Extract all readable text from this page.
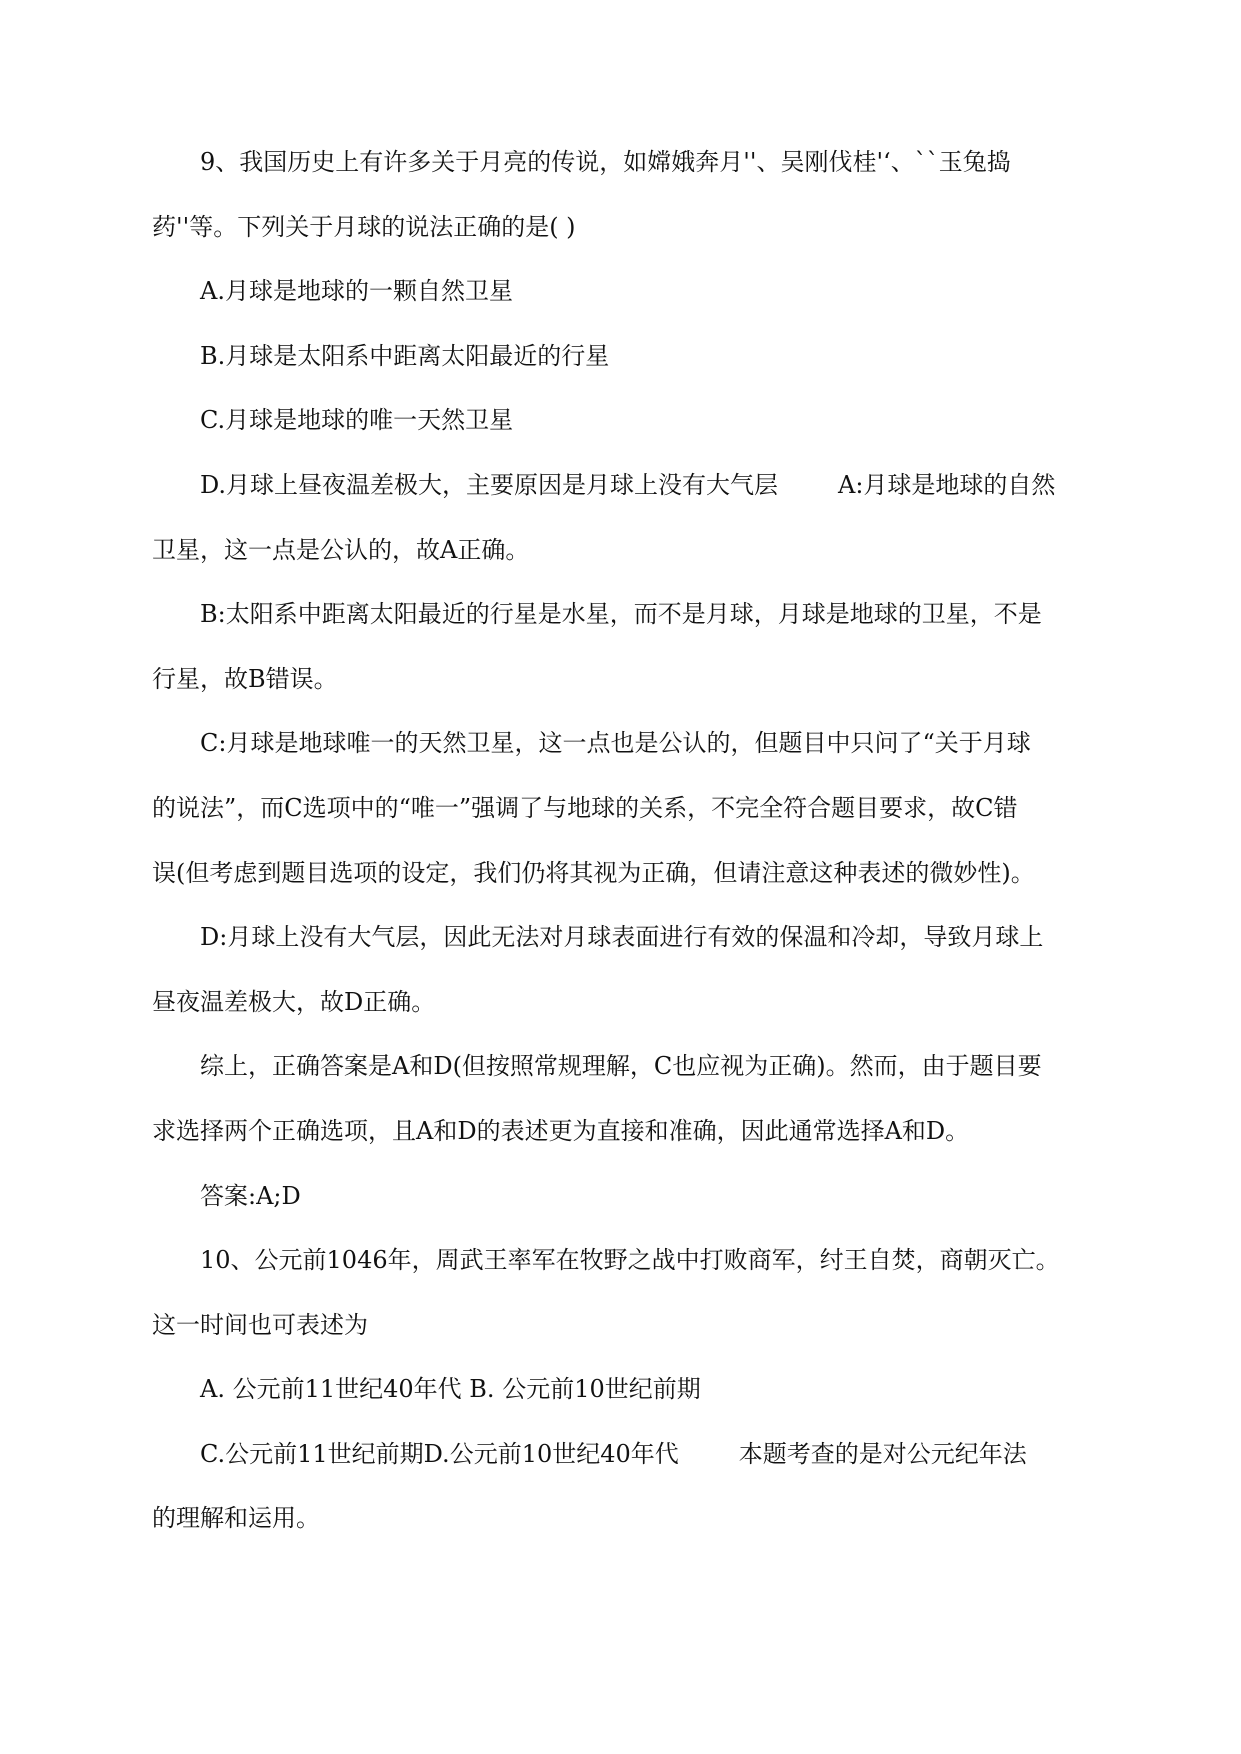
9、我国历史上有许多关于月亮的传说，如嫦娥奔月''、吴刚伐桂'‘、``玉兔捣
药''等。下列关于月球的说法正确的是( )
A.月球是地球的一颗自然卫星
B.月球是太阳系中距离太阳最近的行星
C.月球是地球的唯一天然卫星
D.月球上昼夜温差极大，主要原因是月球上没有大气层	A:月球是地球的自然
卫星，这一点是公认的，故A正确。
B:太阳系中距离太阳最近的行星是水星，而不是月球，月球是地球的卫星，不是
行星，故B错误。
C:月球是地球唯一的天然卫星，这一点也是公认的，但题目中只问了“关于月球
的说法”，而C选项中的“唯一”强调了与地球的关系，不完全符合题目要求，故C错
误(但考虑到题目选项的设定，我们仍将其视为正确，但请注意这种表述的微妙性)。
D:月球上没有大气层，因此无法对月球表面进行有效的保温和冷却，导致月球上
昼夜温差极大，故D正确。
综上，正确答案是A和D(但按照常规理解，C也应视为正确)。然而，由于题目要
求选择两个正确选项，且A和D的表述更为直接和准确，因此通常选择A和D。
答案:A;D
10、公元前1046年，周武王率军在牧野之战中打败商军，纣王自焚，商朝灭亡。
这一时间也可表述为
A. 公元前11世纪40年代 B. 公元前10世纪前期
C.公元前11世纪前期D.公元前10世纪40年代	本题考查的是对公元纪年法
的理解和运用。
